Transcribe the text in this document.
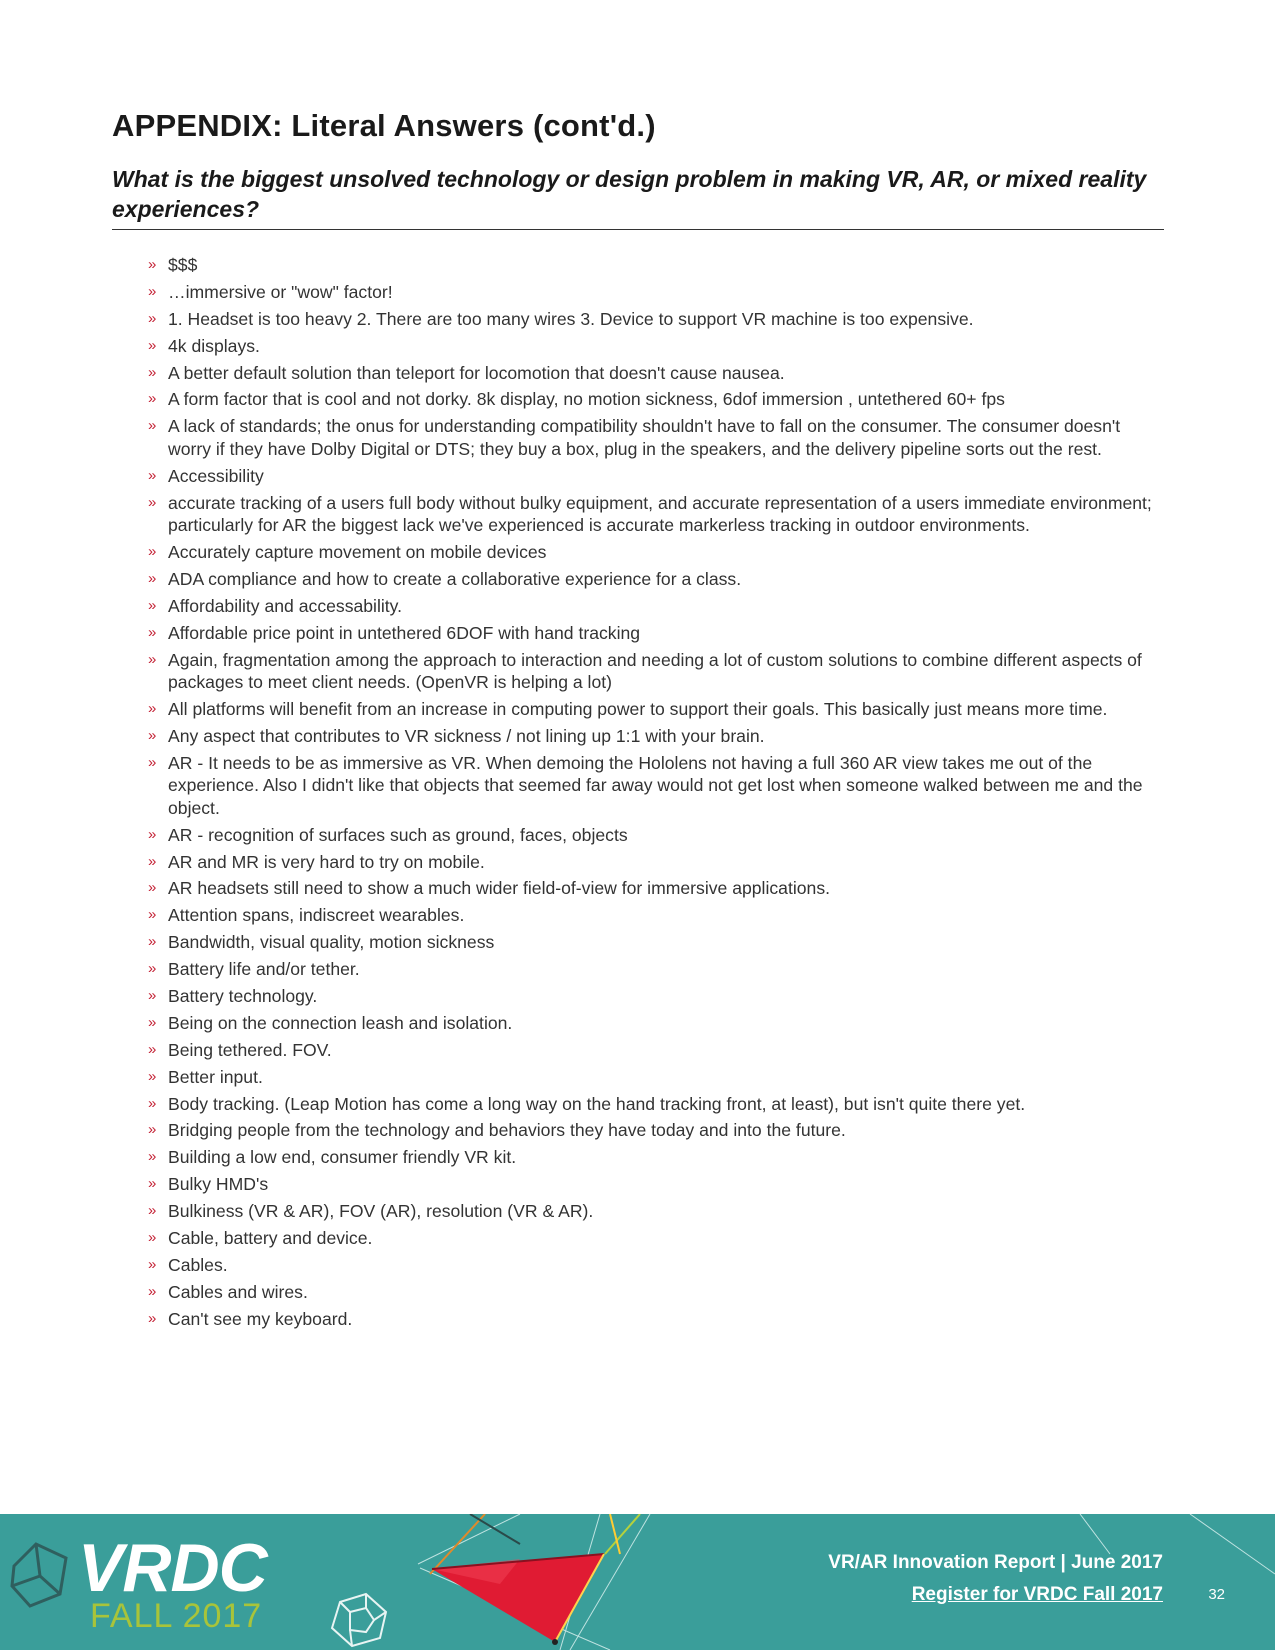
APPENDIX: Literal Answers (cont'd.)
What is the biggest unsolved technology or design problem in making VR, AR, or mixed reality experiences?
» $$$
» …immersive or "wow" factor!
» 1. Headset is too heavy 2. There are too many wires 3. Device to support VR machine is too expensive.
» 4k displays.
» A better default solution than teleport for locomotion that doesn't cause nausea.
» A form factor that is cool and not dorky. 8k display, no motion sickness, 6dof immersion , untethered 60+ fps
» A lack of standards; the onus for understanding compatibility shouldn't have to fall on the consumer. The consumer doesn't worry if they have Dolby Digital or DTS; they buy a box, plug in the speakers, and the delivery pipeline sorts out the rest.
» Accessibility
» accurate tracking of a users full body without bulky equipment, and accurate representation of a users immediate environment; particularly for AR the biggest lack we've experienced is accurate markerless tracking in outdoor environments.
» Accurately capture movement on mobile devices
» ADA compliance and how to create a collaborative experience for a class.
» Affordability and accessability.
» Affordable price point in untethered 6DOF with hand tracking
» Again, fragmentation among the approach to interaction and needing a lot of custom solutions to combine different aspects of packages to meet client needs. (OpenVR is helping a lot)
» All platforms will benefit from an increase in computing power to support their goals. This basically just means more time.
» Any aspect that contributes to VR sickness / not lining up 1:1 with your brain.
» AR - It needs to be as immersive as VR. When demoing the Hololens not having a full 360 AR view takes me out of the experience. Also I didn't like that objects that seemed far away would not get lost when someone walked between me and the object.
» AR - recognition of surfaces such as ground, faces, objects
» AR and MR is very hard to try on mobile.
» AR headsets still need to show a much wider field-of-view for immersive applications.
» Attention spans, indiscreet wearables.
» Bandwidth, visual quality, motion sickness
» Battery life and/or tether.
» Battery technology.
» Being on the connection leash and isolation.
» Being tethered. FOV.
» Better input.
» Body tracking. (Leap Motion has come a long way on the hand tracking front, at least), but isn't quite there yet.
» Bridging people from the technology and behaviors they have today and into the future.
» Building a low end, consumer friendly VR kit.
» Bulky HMD's
» Bulkiness (VR & AR), FOV (AR), resolution (VR & AR).
» Cable, battery and device.
» Cables.
» Cables and wires.
» Can't see my keyboard.
VRDC
FALL 2017
VR/AR Innovation Report | June 2017
Register for VRDC Fall 2017	32
